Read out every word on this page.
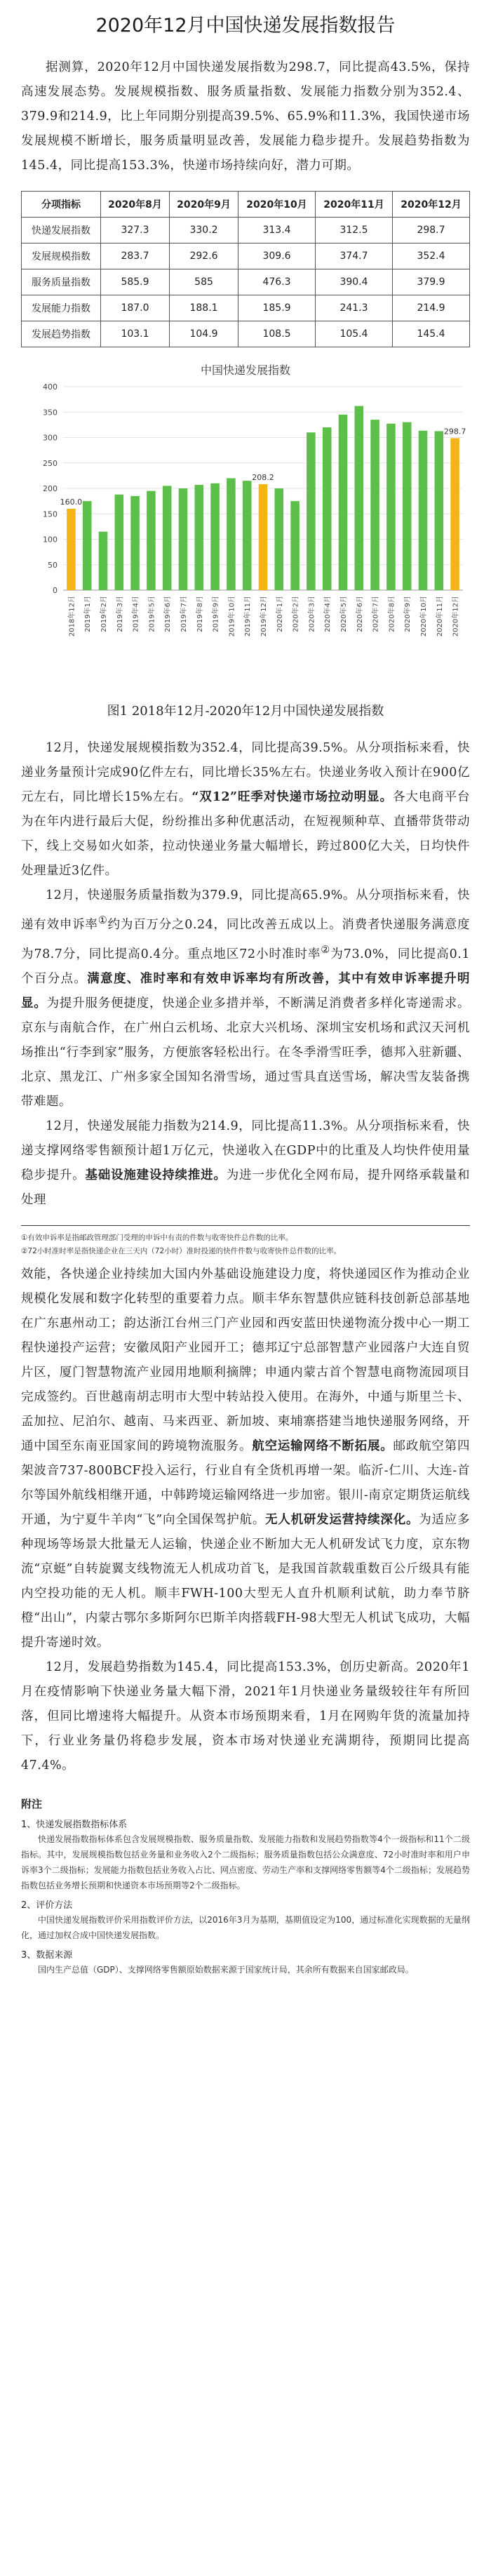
2020年12月中国快递发展指数报告

据测算，2020年12月中国快递发展指数为298.7，同比提高43.5%，保持高速发展态势。发展规模指数、服务质量指数、发展能力指数分别为352.4、379.9和214.9，比上年同期分别提高39.5%、65.9%和11.3%，我国快递市场发展规模不断增长，服务质量明显改善，发展能力稳步提升。发展趋势指数为145.4，同比提高153.3%，快递市场持续向好，潜力可期。

分项指标	2020年8月	2020年9月	2020年10月	2020年11月	2020年12月
快递发展指数	327.3	330.2	313.4	312.5	298.7
发展规模指数	283.7	292.6	309.6	374.7	352.4
服务质量指数	585.9	585	476.3	390.4	379.9
发展能力指数	187.0	188.1	185.9	241.3	214.9
发展趋势指数	103.1	104.9	108.5	105.4	145.4
中国快递发展指数
0
50
100
150
200
250
300
350
400
160.0
2018年12月 2019年1月 2019年2月 2019年3月 2019年4月 2019年5月 2019年6月 2019年7月 2019年8月 2019年9月 2019年10月 2019年11月
208.2
2019年12月 2020年1月 2020年2月 2020年3月 2020年4月 2020年5月 2020年6月 2020年7月 2020年8月 2020年9月 2020年10月 2020年11月
298.7
2020年12月
图1 2018年12月-2020年12月中国快递发展指数

12月，快递发展规模指数为352.4，同比提高39.5%。从分项指标来看，快递业务量预计完成90亿件左右，同比增长35%左右。快递业务收入预计在900亿元左右，同比增长15%左右。“双12”旺季对快递市场拉动明显。各大电商平台为在年内进行最后大促，纷纷推出多种优惠活动，在短视频种草、直播带货带动下，线上交易如火如荼，拉动快递业务量大幅增长，跨过800亿大关，日均快件处理量近3亿件。

12月，快递服务质量指数为379.9，同比提高65.9%。从分项指标来看，快递有效申诉率①约为百万分之0.24，同比改善五成以上。消费者快递服务满意度为78.7分，同比提高0.4分。重点地区72小时准时率②为73.0%，同比提高0.1个百分点。满意度、准时率和有效申诉率均有所改善，其中有效申诉率提升明显。为提升服务便捷度，快递企业多措并举，不断满足消费者多样化寄递需求。京东与南航合作，在广州白云机场、北京大兴机场、深圳宝安机场和武汉天河机场推出“行李到家”服务，方便旅客轻松出行。在冬季滑雪旺季，德邦入驻新疆、北京、黑龙江、广州多家全国知名滑雪场，通过雪具直送雪场，解决雪友装备携带难题。

12月，快递发展能力指数为214.9，同比提高11.3%。从分项指标来看，快递支撑网络零售额预计超1万亿元，快递收入在GDP中的比重及人均快件使用量稳步提升。基础设施建设持续推进。为进一步优化全网布局，提升网络承载量和处理

①有效申诉率是指邮政管理部门受理的申诉中有责的件数与收寄快件总件数的比率。

②72小时准时率是指快递企业在三天内（72小时）准时投递的快件件数与收寄快件总件数的比率。

效能，各快递企业持续加大国内外基础设施建设力度，将快递园区作为推动企业规模化发展和数字化转型的重要着力点。顺丰华东智慧供应链科技创新总部基地在广东惠州动工；韵达浙江台州三门产业园和西安蓝田快递物流分拨中心一期工程快递投产运营；安徽凤阳产业园开工；德邦辽宁总部智慧产业园落户大连自贸片区，厦门智慧物流产业园用地顺利摘牌；申通内蒙古首个智慧电商物流园项目完成签约。百世越南胡志明市大型中转站投入使用。在海外，中通与斯里兰卡、孟加拉、尼泊尔、越南、马来西亚、新加坡、柬埔寨搭建当地快递服务网络，开通中国至东南亚国家间的跨境物流服务。航空运输网络不断拓展。邮政航空第四架波音737-800BCF投入运行，行业自有全货机再增一架。临沂-仁川、大连-首尔等国外航线相继开通，中韩跨境运输网络进一步加密。银川-南京定期货运航线开通，为宁夏牛羊肉“飞”向全国保驾护航。无人机研发运营持续深化。为适应多种现场等场景大批量无人运输，快递企业不断加大无人机研发试飞力度，京东物流“京蜓”自转旋翼支线物流无人机成功首飞，是我国首款载重数百公斤级具有能内空投功能的无人机。顺丰FWH-100大型无人直升机顺利试航，助力奉节脐橙“出山”，内蒙古鄂尔多斯阿尔巴斯羊肉搭载FH-98大型无人机试飞成功，大幅提升寄递时效。

12月，发展趋势指数为145.4，同比提高153.3%，创历史新高。2020年1月在疫情影响下快递业务量大幅下滑，2021年1月快递业务量级较往年有所回落，但同比增速将大幅提升。从资本市场预期来看，1月在网购年货的流量加持下，行业业务量仍将稳步发展，资本市场对快递业充满期待，预期同比提高47.4%。

附注
1、快递发展指数指标体系

快递发展指数指标体系包含发展规模指数、服务质量指数、发展能力指数和发展趋势指数等4个一级指标和11个二级指标。其中，发展规模指数包括业务量和业务收入2个二级指标；服务质量指数包括公众满意度、72小时准时率和用户申诉率3个二级指标；发展能力指数包括业务收入占比、网点密度、劳动生产率和支撑网络零售额等4个二级指标；发展趋势指数包括业务增长预期和快递资本市场预期等2个二级指标。

2、评价方法

中国快递发展指数评价采用指数评价方法，以2016年3月为基期，基期值设定为100，通过标准化实现数据的无量纲化，通过加权合成中国快递发展指数。

3、数据来源

国内生产总值（GDP）、支撑网络零售额原始数据来源于国家统计局，其余所有数据来自国家邮政局。
